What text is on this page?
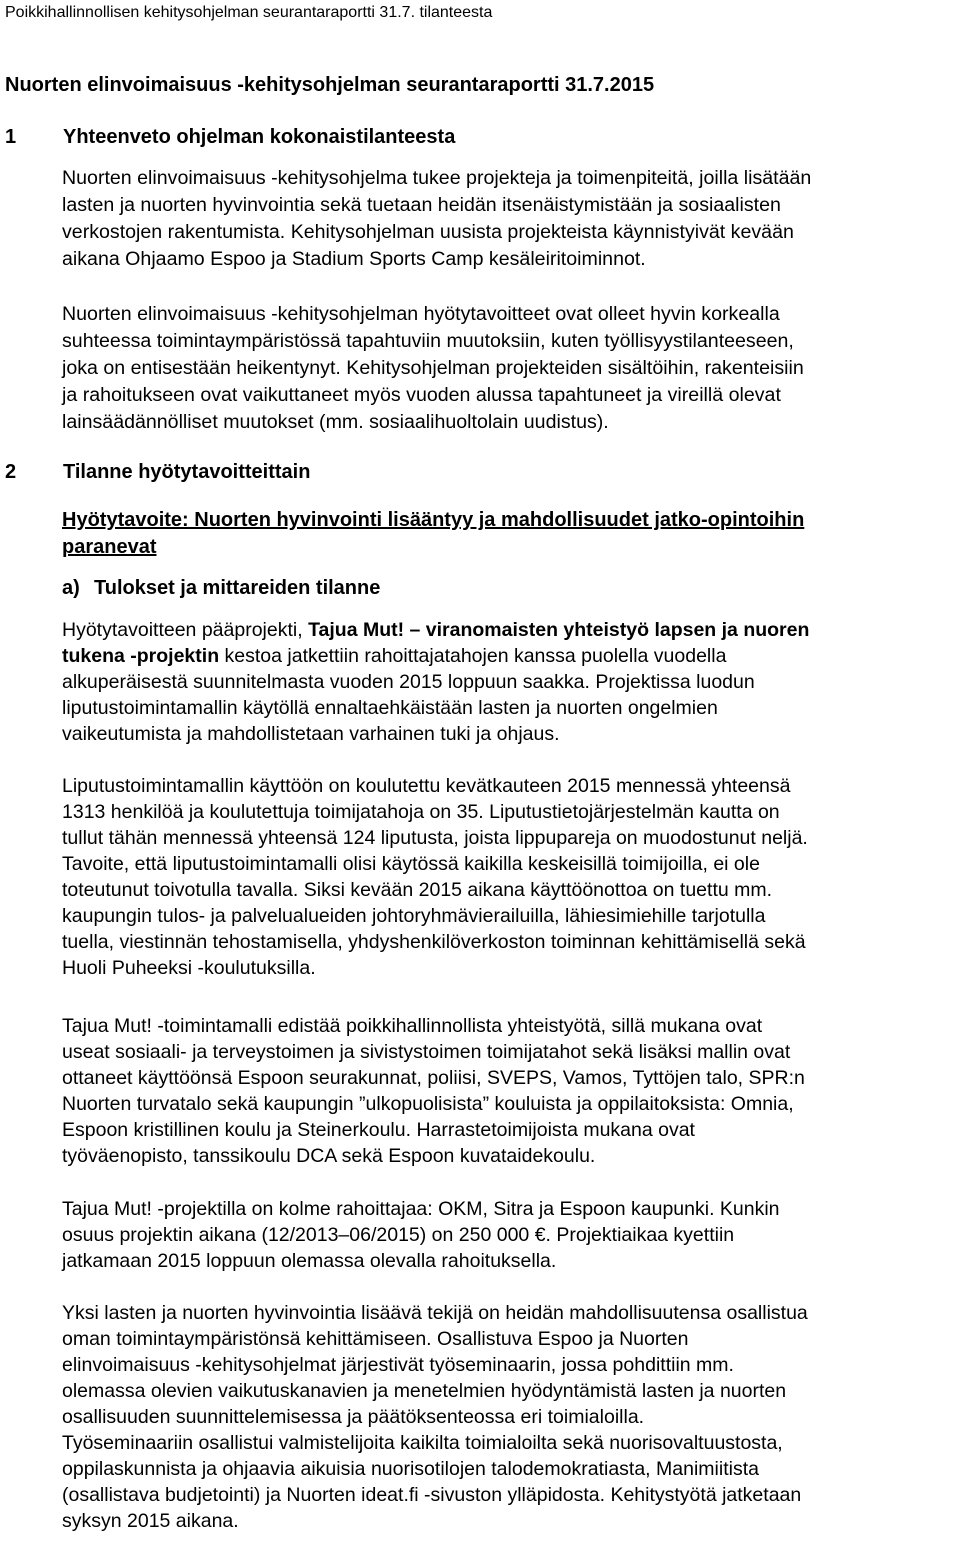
Poikkihallinnollisen kehitysohjelman seurantaraportti 31.7. tilanteesta
Nuorten elinvoimaisuus -kehitysohjelman seurantaraportti 31.7.2015
1 Yhteenveto ohjelman kokonaistilanteesta
Nuorten elinvoimaisuus -kehitysohjelma tukee projekteja ja toimenpiteitä, joilla lisätään
lasten ja nuorten hyvinvointia sekä tuetaan heidän itsenäistymistään ja sosiaalisten
verkostojen rakentumista. Kehitysohjelman uusista projekteista käynnistyivät kevään
aikana Ohjaamo Espoo ja Stadium Sports Camp kesäleiritoiminnot.
Nuorten elinvoimaisuus -kehitysohjelman hyötytavoitteet ovat olleet hyvin korkealla
suhteessa toimintaympäristössä tapahtuviin muutoksiin, kuten työllisyystilanteeseen,
joka on entisestään heikentynyt. Kehitysohjelman projekteiden sisältöihin, rakenteisiin
ja rahoitukseen ovat vaikuttaneet myös vuoden alussa tapahtuneet ja vireillä olevat
lainsäädännölliset muutokset (mm. sosiaalihuoltolain uudistus).
2 Tilanne hyötytavoitteittain
Hyötytavoite: Nuorten hyvinvointi lisääntyy ja mahdollisuudet jatko-opintoihin
paranevat
a) Tulokset ja mittareiden tilanne
Hyötytavoitteen pääprojekti, Tajua Mut! – viranomaisten yhteistyö lapsen ja nuoren
tukena -projektin kestoa jatkettiin rahoittajatahojen kanssa puolella vuodella
alkuperäisestä suunnitelmasta vuoden 2015 loppuun saakka. Projektissa luodun
liputustoimintamallin käytöllä ennaltaehkäistään lasten ja nuorten ongelmien
vaikeutumista ja mahdollistetaan varhainen tuki ja ohjaus.
Liputustoimintamallin käyttöön on koulutettu kevätkauteen 2015 mennessä yhteensä
1313 henkilöä ja koulutettuja toimijatahoja on 35. Liputustietojärjestelmän kautta on
tullut tähän mennessä yhteensä 124 liputusta, joista lippupareja on muodostunut neljä.
Tavoite, että liputustoimintamalli olisi käytössä kaikilla keskeisillä toimijoilla, ei ole
toteutunut toivotulla tavalla. Siksi kevään 2015 aikana käyttöönottoa on tuettu mm.
kaupungin tulos- ja palvelualueiden johtoryhmävierailuilla, lähiesimiehille tarjotulla
tuella, viestinnän tehostamisella, yhdyshenkilöverkoston toiminnan kehittämisellä sekä
Huoli Puheeksi -koulutuksilla.
Tajua Mut! -toimintamalli edistää poikkihallinnollista yhteistyötä, sillä mukana ovat
useat sosiaali- ja terveystoimen ja sivistystoimen toimijatahot sekä lisäksi mallin ovat
ottaneet käyttöönsä Espoon seurakunnat, poliisi, SVEPS, Vamos, Tyttöjen talo, SPR:n
Nuorten turvatalo sekä kaupungin ”ulkopuolisista” kouluista ja oppilaitoksista: Omnia,
Espoon kristillinen koulu ja Steinerkoulu. Harrastetoimijoista mukana ovat
työväenopisto, tanssikoulu DCA sekä Espoon kuvataidekoulu.
Tajua Mut! -projektilla on kolme rahoittajaa: OKM, Sitra ja Espoon kaupunki. Kunkin
osuus projektin aikana (12/2013–06/2015) on 250 000 €. Projektiaikaa kyettiin
jatkamaan 2015 loppuun olemassa olevalla rahoituksella.
Yksi lasten ja nuorten hyvinvointia lisäävä tekijä on heidän mahdollisuutensa osallistua
oman toimintaympäristönsä kehittämiseen. Osallistuva Espoo ja Nuorten
elinvoimaisuus -kehitysohjelmat järjestivät työseminaarin, jossa pohdittiin mm.
olemassa olevien vaikutuskanavien ja menetelmien hyödyntämistä lasten ja nuorten
osallisuuden suunnittelemisessa ja päätöksenteossa eri toimialoilla.
Työseminaariin osallistui valmistelijoita kaikilta toimialoilta sekä nuorisovaltuustosta,
oppilaskunnista ja ohjaavia aikuisia nuorisotilojen talodemokratiasta, Manimiitista
(osallistava budjetointi) ja Nuorten ideat.fi -sivuston ylläpidosta. Kehitystyötä jatketaan
syksyn 2015 aikana.
